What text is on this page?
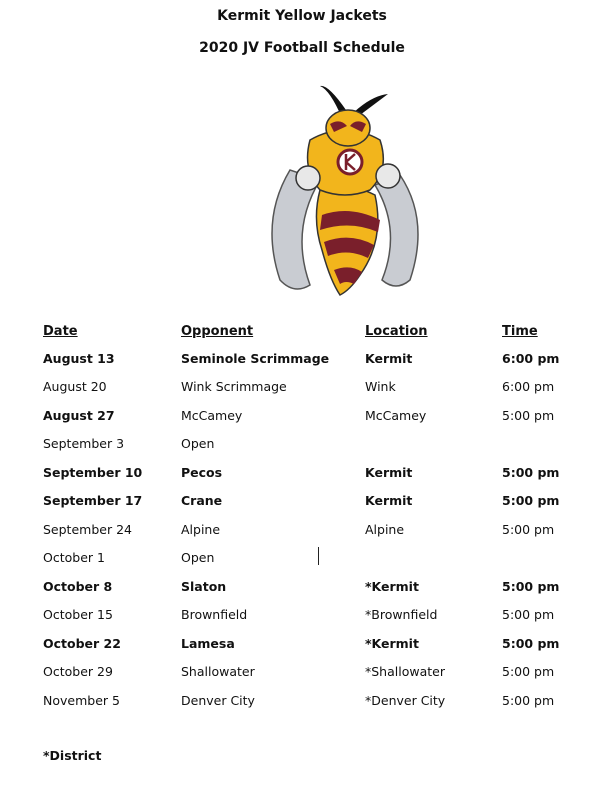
Kermit Yellow Jackets
2020 JV Football Schedule
Date	Opponent	Location	Time
August 13	Seminole Scrimmage	Kermit	6:00 pm
August 20	Wink Scrimmage	Wink	6:00 pm
August 27	McCamey	McCamey	5:00 pm
September 3	Open		
September 10	Pecos	Kermit	5:00 pm
September 17	Crane	Kermit	5:00 pm
September 24	Alpine	Alpine	5:00 pm
October 1	Open		
October 8	Slaton	*Kermit	5:00 pm
October 15	Brownfield	*Brownfield	5:00 pm
October 22	Lamesa	*Kermit	5:00 pm
October 29	Shallowater	*Shallowater	5:00 pm
November 5	Denver City	*Denver City	5:00 pm
*District
